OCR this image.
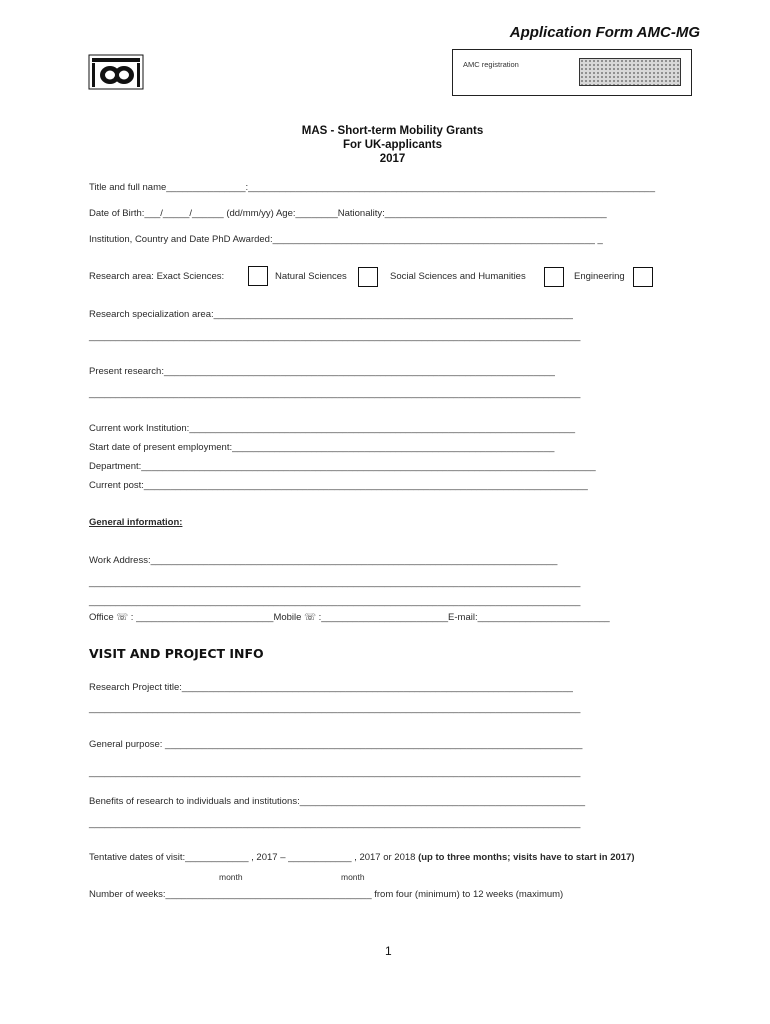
Application Form AMC-MG
AMC registration
MAS - Short-term Mobility Grants
For UK-applicants
2017
Title and full name_______________:_____________________________________________________________________________
Date of Birth:___/_____/______ (dd/mm/yy) Age:________Nationality:__________________________________________
Institution, Country and Date PhD Awarded:_____________________________________________________________ _
Research area: Exact Sciences:	Natural Sciences	Social Sciences and Humanities	Engineering
Research specialization area:____________________________________________________________________
_____________________________________________________________________________________________
Present research:__________________________________________________________________________
_____________________________________________________________________________________________
Current work Institution:_________________________________________________________________________
Start date of present employment:_____________________________________________________________
Department:______________________________________________________________________________________
Current post:____________________________________________________________________________________
General information:
Work Address:_____________________________________________________________________________
_____________________________________________________________________________________________
_____________________________________________________________________________________________
Office ☏ : __________________________Mobile ☏ :________________________E-mail:_________________________
VISIT AND PROJECT INFO
Research Project title:__________________________________________________________________________
_____________________________________________________________________________________________
General purpose: _______________________________________________________________________________
_____________________________________________________________________________________________
Benefits of research to individuals and institutions:______________________________________________________
_____________________________________________________________________________________________
Tentative dates of visit:____________ , 2017 – ____________ , 2017 or 2018 (up to three months; visits have to start in 2017)
month	month
Number of weeks:_______________________________________ from four (minimum) to 12 weeks (maximum)
1
